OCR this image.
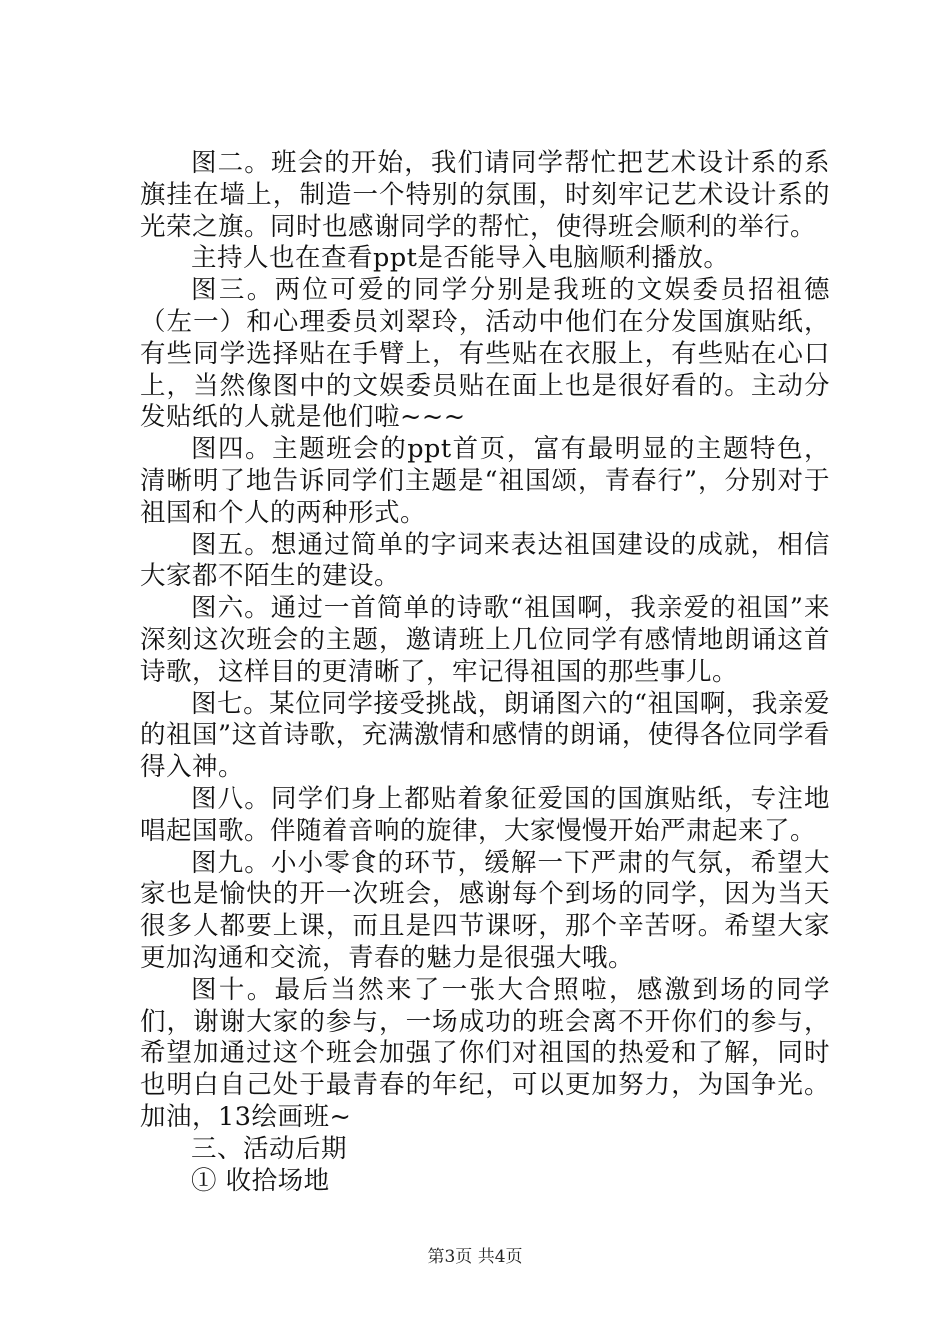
图二。班会的开始，我们请同学帮忙把艺术设计系的系旗挂在墙上，制造一个特别的氛围，时刻牢记艺术设计系的光荣之旗。同时也感谢同学的帮忙，使得班会顺利的举行。

主持人也在查看ppt是否能导入电脑顺利播放。

图三。两位可爱的同学分别是我班的文娱委员招祖德（左一）和心理委员刘翠玲，活动中他们在分发国旗贴纸，有些同学选择贴在手臂上，有些贴在衣服上，有些贴在心口上，当然像图中的文娱委员贴在面上也是很好看的。主动分发贴纸的人就是他们啦~~~

图四。主题班会的ppt首页，富有最明显的主题特色，清晰明了地告诉同学们主题是“祖国颂，青春行”，分别对于祖国和个人的两种形式。

图五。想通过简单的字词来表达祖国建设的成就，相信大家都不陌生的建设。

图六。通过一首简单的诗歌“祖国啊，我亲爱的祖国”来深刻这次班会的主题，邀请班上几位同学有感情地朗诵这首诗歌，这样目的更清晰了，牢记得祖国的那些事儿。

图七。某位同学接受挑战，朗诵图六的“祖国啊，我亲爱的祖国”这首诗歌，充满激情和感情的朗诵，使得各位同学看得入神。

图八。同学们身上都贴着象征爱国的国旗贴纸，专注地唱起国歌。伴随着音响的旋律，大家慢慢开始严肃起来了。

图九。小小零食的环节，缓解一下严肃的气氛，希望大家也是愉快的开一次班会，感谢每个到场的同学，因为当天很多人都要上课，而且是四节课呀，那个辛苦呀。希望大家更加沟通和交流，青春的魅力是很强大哦。

图十。最后当然来了一张大合照啦，感激到场的同学们，谢谢大家的参与，一场成功的班会离不开你们的参与，希望加通过这个班会加强了你们对祖国的热爱和了解，同时也明白自己处于最青春的年纪，可以更加努力，为国争光。加油，13绘画班~

三、活动后期

① 收拾场地

第3页 共4页
